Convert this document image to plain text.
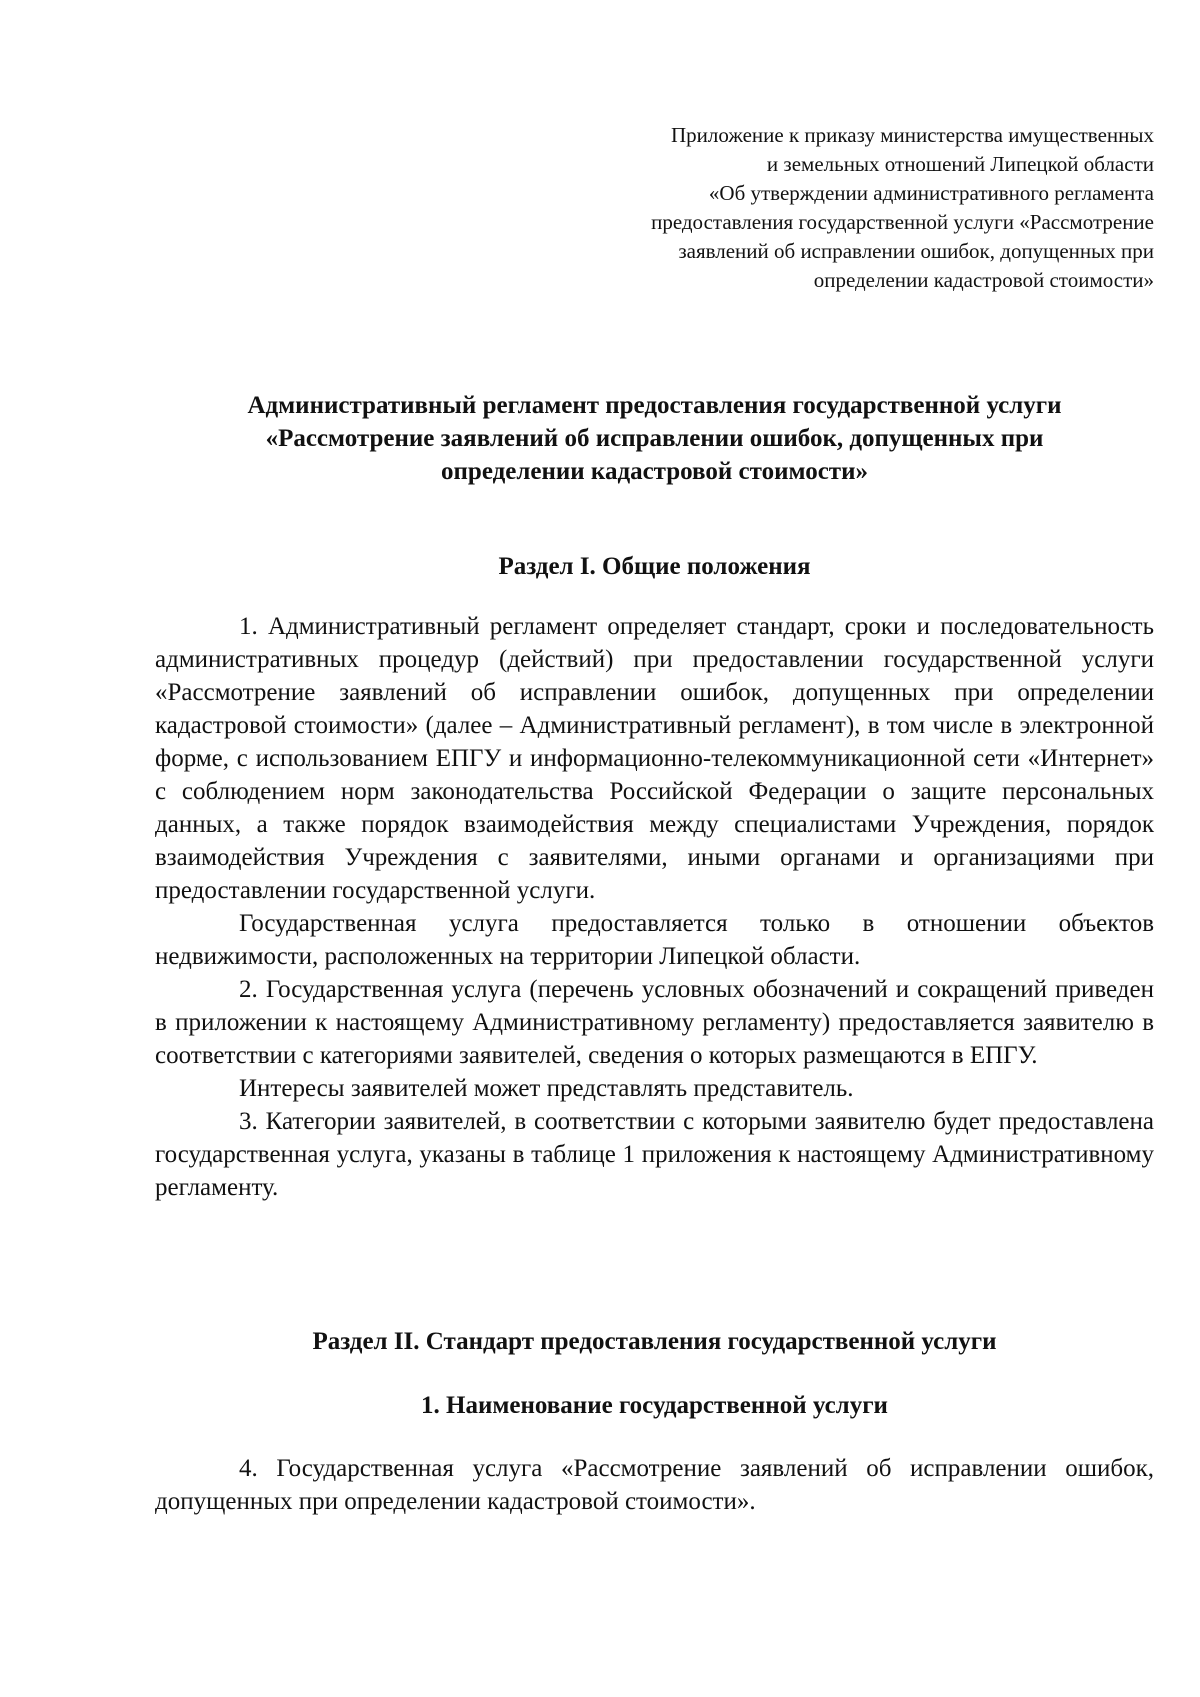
Приложение к приказу министерства имущественных
и земельных отношений Липецкой области
«Об утверждении административного регламента
предоставления государственной услуги «Рассмотрение
заявлений об исправлении ошибок, допущенных при
определении кадастровой стоимости»
Административный регламент предоставления государственной услуги
«Рассмотрение заявлений об исправлении ошибок, допущенных при
определении кадастровой стоимости»
Раздел I. Общие положения

1. Административный регламент определяет стандарт, сроки и последовательность административных процедур (действий) при предоставлении государственной услуги «Рассмотрение заявлений об исправлении ошибок, допущенных при определении кадастровой стоимости» (далее – Административный регламент), в том числе в электронной форме, с использованием ЕПГУ и информационно-телекоммуникационной сети «Интернет» с соблюдением норм законодательства Российской Федерации о защите персональных данных, а также порядок взаимодействия между специалистами Учреждения, порядок взаимодействия Учреждения с заявителями, иными органами и организациями при предоставлении государственной услуги.

Государственная услуга предоставляется только в отношении объектов недвижимости, расположенных на территории Липецкой области.

2. Государственная услуга (перечень условных обозначений и сокращений приведен в приложении к настоящему Административному регламенту) предоставляется заявителю в соответствии с категориями заявителей, сведения о которых размещаются в ЕПГУ.

Интересы заявителей может представлять представитель.

3. Категории заявителей, в соответствии с которыми заявителю будет предоставлена государственная услуга, указаны в таблице 1 приложения к настоящему Административному регламенту.

Раздел II. Стандарт предоставления государственной услуги
1. Наименование государственной услуги

4. Государственная услуга «Рассмотрение заявлений об исправлении ошибок, допущенных при определении кадастровой стоимости».
